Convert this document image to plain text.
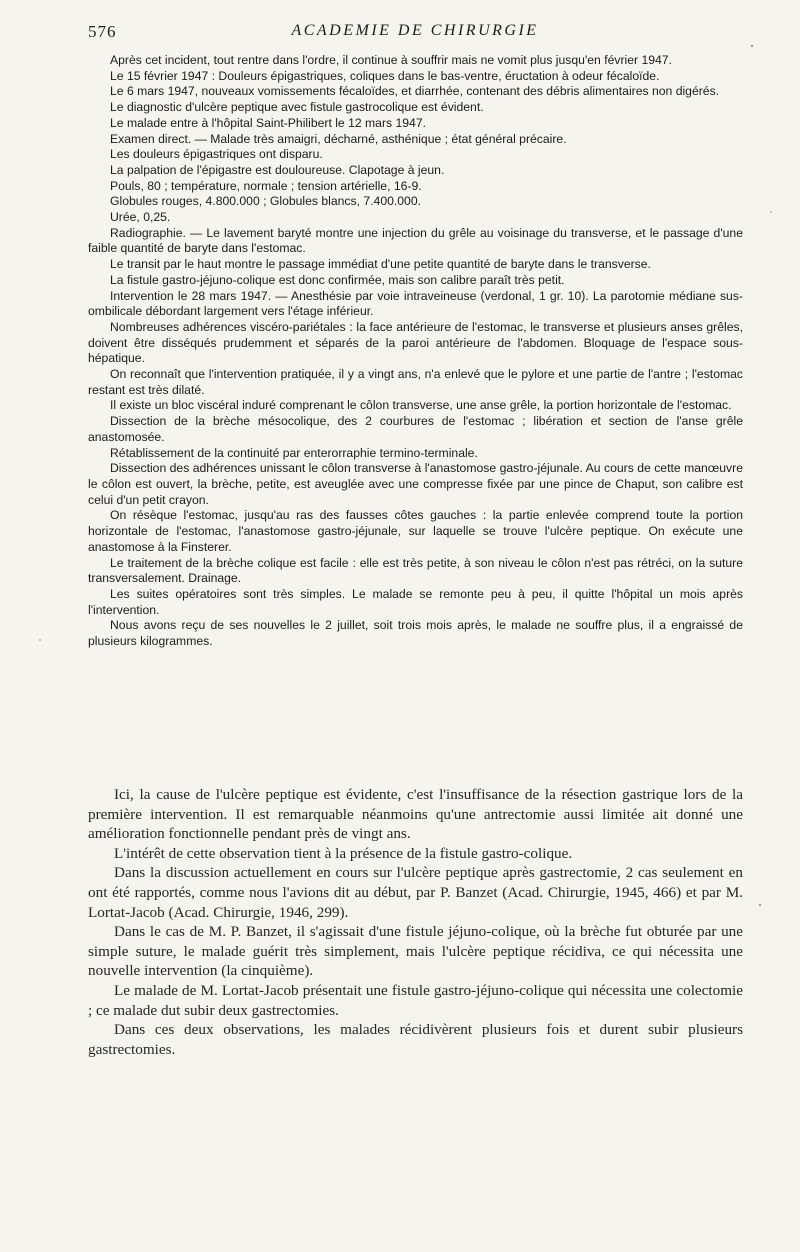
576	ACADEMIE DE CHIRURGIE

Après cet incident, tout rentre dans l'ordre, il continue à souffrir mais ne vomit plus jusqu'en février 1947.

Le 15 février 1947 : Douleurs épigastriques, coliques dans le bas-ventre, éructation à odeur fécaloïde.

Le 6 mars 1947, nouveaux vomissements fécaloïdes, et diarrhée, contenant des débris alimentaires non digérés.

Le diagnostic d'ulcère peptique avec fistule gastrocolique est évident.

Le malade entre à l'hôpital Saint-Philibert le 12 mars 1947.

Examen direct. — Malade très amaigri, décharné, asthénique ; état général précaire.

Les douleurs épigastriques ont disparu.

La palpation de l'épigastre est douloureuse. Clapotage à jeun.

Pouls, 80 ; température, normale ; tension artérielle, 16-9.

Globules rouges, 4.800.000 ; Globules blancs, 7.400.000.

Urée, 0,25.

Radiographie. — Le lavement baryté montre une injection du grêle au voisinage du transverse, et le passage d'une faible quantité de baryte dans l'estomac.

Le transit par le haut montre le passage immédiat d'une petite quantité de baryte dans le transverse.

La fistule gastro-jéjuno-colique est donc confirmée, mais son calibre paraît très petit.

Intervention le 28 mars 1947. — Anesthésie par voie intraveineuse (verdonal, 1 gr. 10). La parotomie médiane sus-ombilicale débordant largement vers l'étage inférieur.

Nombreuses adhérences viscéro-pariétales : la face antérieure de l'estomac, le transverse et plusieurs anses grêles, doivent être disséqués prudemment et séparés de la paroi antérieure de l'abdomen. Bloquage de l'espace sous-hépatique.

On reconnaît que l'intervention pratiquée, il y a vingt ans, n'a enlevé que le pylore et une partie de l'antre ; l'estomac restant est très dilaté.

Il existe un bloc viscéral induré comprenant le côlon transverse, une anse grêle, la portion horizontale de l'estomac.

Dissection de la brèche mésocolique, des 2 courbures de l'estomac ; libération et section de l'anse grêle anastomosée.

Rétablissement de la continuité par enterorraphie termino-terminale.

Dissection des adhérences unissant le côlon transverse à l'anastomose gastro-jéjunale. Au cours de cette manœuvre le côlon est ouvert, la brèche, petite, est aveuglée avec une compresse fixée par une pince de Chaput, son calibre est celui d'un petit crayon.

On résèque l'estomac, jusqu'au ras des fausses côtes gauches : la partie enlevée comprend toute la portion horizontale de l'estomac, l'anastomose gastro-jéjunale, sur laquelle se trouve l'ulcère peptique. On exécute une anastomose à la Finsterer.

Le traitement de la brèche colique est facile : elle est très petite, à son niveau le côlon n'est pas rétréci, on la suture transversalement. Drainage.

Les suites opératoires sont très simples. Le malade se remonte peu à peu, il quitte l'hôpital un mois après l'intervention.

Nous avons reçu de ses nouvelles le 2 juillet, soit trois mois après, le malade ne souffre plus, il a engraissé de plusieurs kilogrammes.

Ici, la cause de l'ulcère peptique est évidente, c'est l'insuffisance de la résection gastrique lors de la première intervention. Il est remarquable néanmoins qu'une antrectomie aussi limitée ait donné une amélioration fonctionnelle pendant près de vingt ans.

L'intérêt de cette observation tient à la présence de la fistule gastro-colique.

Dans la discussion actuellement en cours sur l'ulcère peptique après gastrectomie, 2 cas seulement en ont été rapportés, comme nous l'avions dit au début, par P. Banzet (Acad. Chirurgie, 1945, 466) et par M. Lortat-Jacob (Acad. Chirurgie, 1946, 299).

Dans le cas de M. P. Banzet, il s'agissait d'une fistule jéjuno-colique, où la brèche fut obturée par une simple suture, le malade guérit très simplement, mais l'ulcère peptique récidiva, ce qui nécessita une nouvelle intervention (la cinquième).

Le malade de M. Lortat-Jacob présentait une fistule gastro-jéjuno-colique qui nécessita une colectomie ; ce malade dut subir deux gastrectomies.

Dans ces deux observations, les malades récidivèrent plusieurs fois et durent subir plusieurs gastrectomies.
